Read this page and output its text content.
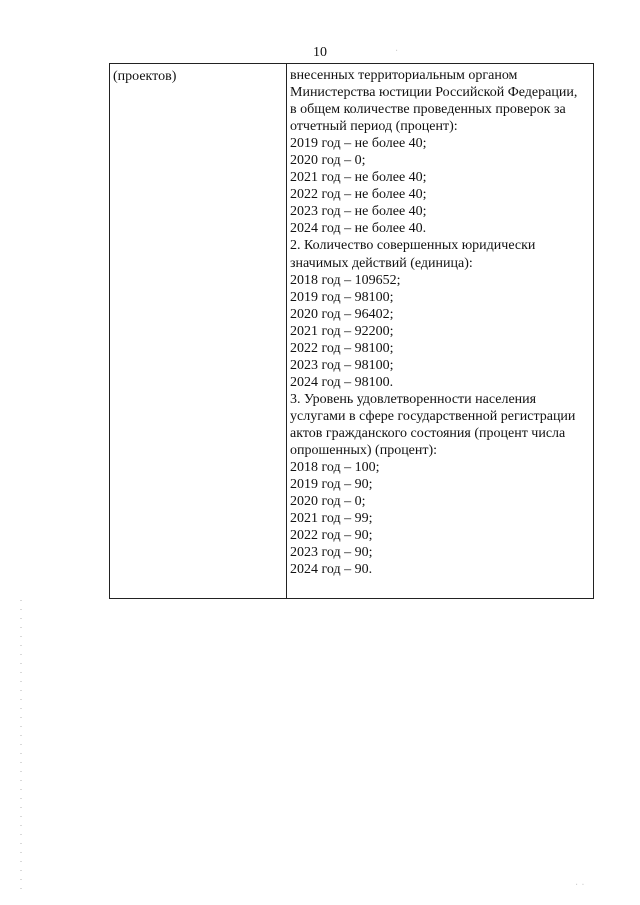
10
(проектов)	внесенных территориальным органом
Министерства юстиции Российской Федерации,
в общем количестве проведенных проверок за
отчетный период (процент):
2019 год – не более 40;
2020 год – 0;
2021 год – не более 40;
2022 год – не более 40;
2023 год – не более 40;
2024 год – не более 40.
2. Количество совершенных юридически
значимых действий (единица):
2018 год – 109652;
2019 год – 98100;
2020 год – 96402;
2021 год – 92200;
2022 год – 98100;
2023 год – 98100;
2024 год – 98100.
3. Уровень удовлетворенности населения
услугами в сфере государственной регистрации
актов гражданского состояния (процент числа
опрошенных) (процент):
2018 год – 100;
2019 год – 90;
2020 год – 0;
2021 год – 99;
2022 год – 90;
2023 год – 90;
2024 год – 90.
·
· ·
